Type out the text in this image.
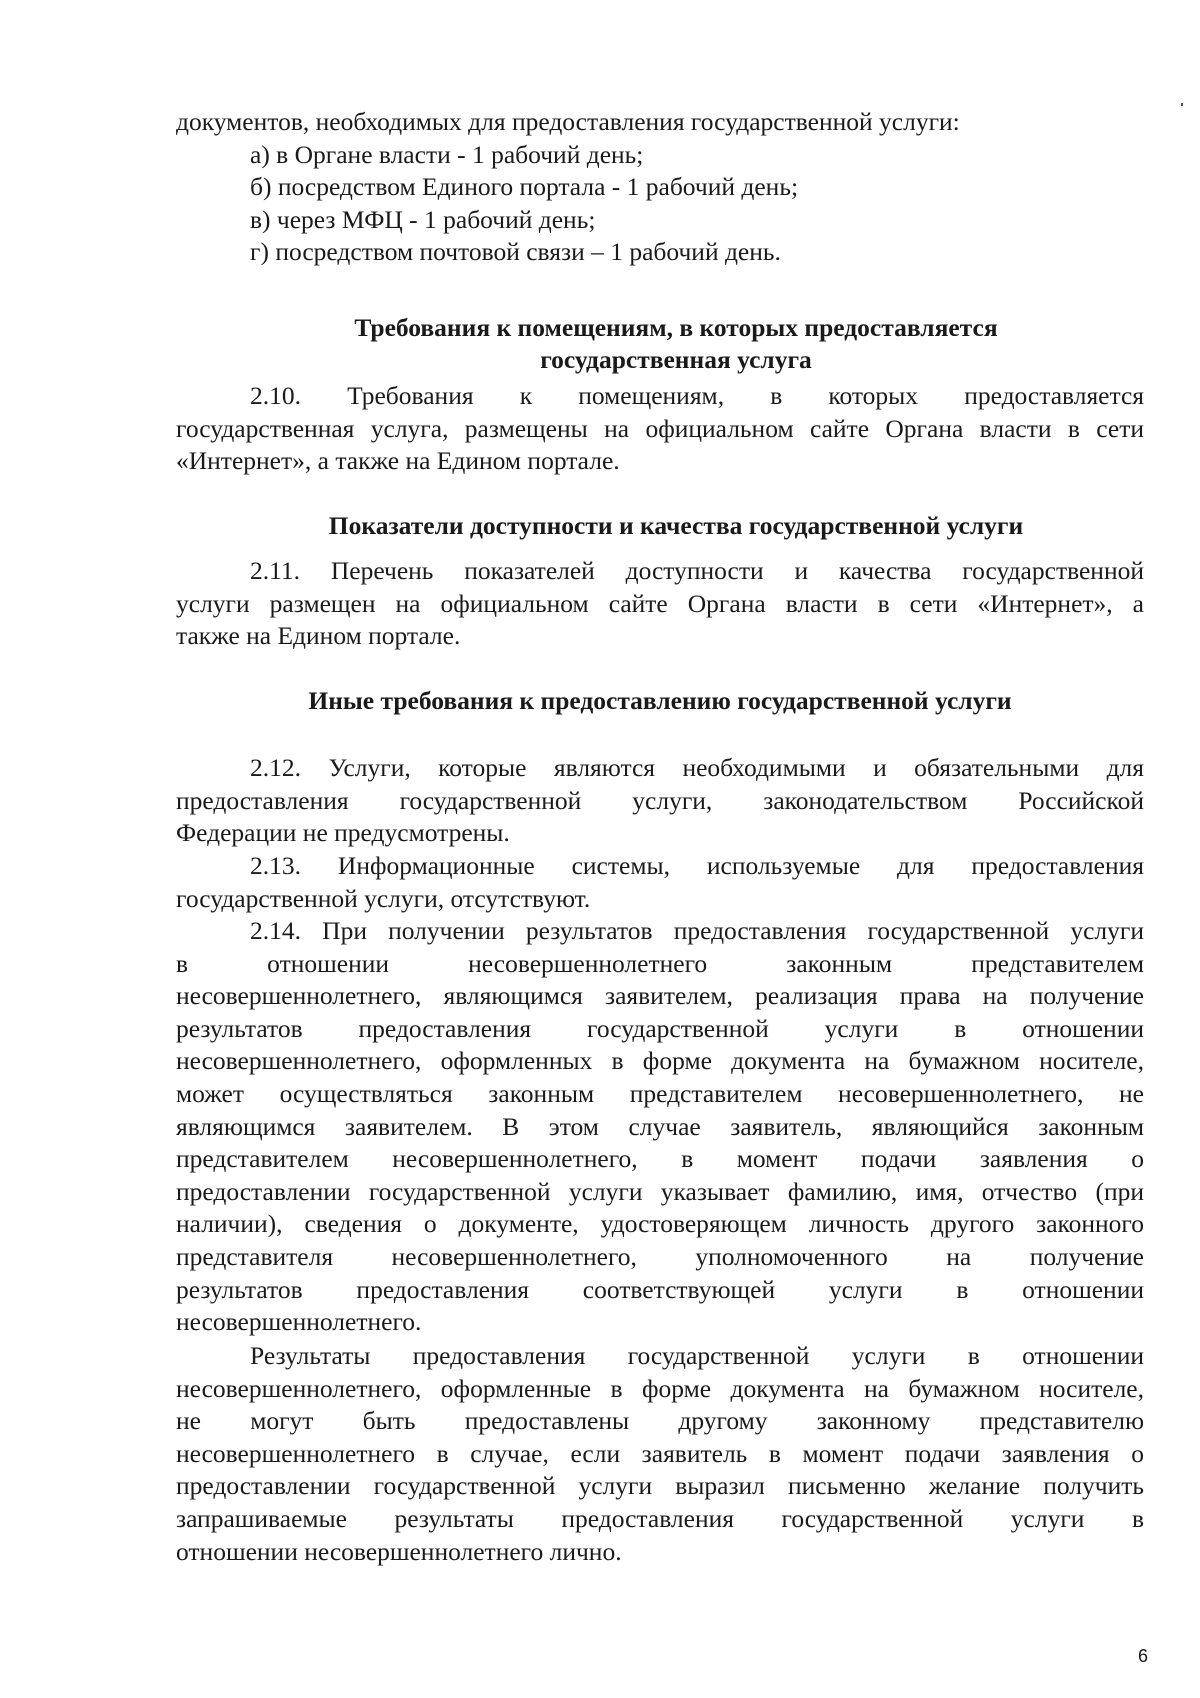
документов, необходимых для предоставления государственной услуги:
а) в Органе власти - 1 рабочий день;
б) посредством Единого портала - 1 рабочий день;
в) через МФЦ - 1 рабочий день;
г) посредством почтовой связи – 1 рабочий день.
Требования к помещениям, в которых предоставляется
государственная услуга
2.10. Требования к помещениям, в которых предоставляется
государственная услуга, размещены на официальном сайте Органа власти в сети
«Интернет», а также на Едином портале.
Показатели доступности и качества государственной услуги
2.11. Перечень показателей доступности и качества государственной
услуги размещен на официальном сайте Органа власти в сети «Интернет», а
также на Едином портале.
Иные требования к предоставлению государственной услуги
2.12. Услуги, которые являются необходимыми и обязательными для
предоставления государственной услуги, законодательством Российской
Федерации не предусмотрены.
2.13. Информационные системы, используемые для предоставления
государственной услуги, отсутствуют.
2.14. При получении результатов предоставления государственной услуги
в отношении несовершеннолетнего законным представителем
несовершеннолетнего, являющимся заявителем, реализация права на получение
результатов предоставления государственной услуги в отношении
несовершеннолетнего, оформленных в форме документа на бумажном носителе,
может осуществляться законным представителем несовершеннолетнего, не
являющимся заявителем. В этом случае заявитель, являющийся законным
представителем несовершеннолетнего, в момент подачи заявления о
предоставлении государственной услуги указывает фамилию, имя, отчество (при
наличии), сведения о документе, удостоверяющем личность другого законного
представителя несовершеннолетнего, уполномоченного на получение
результатов предоставления соответствующей услуги в отношении
несовершеннолетнего.
Результаты предоставления государственной услуги в отношении
несовершеннолетнего, оформленные в форме документа на бумажном носителе,
не могут быть предоставлены другому законному представителю
несовершеннолетнего в случае, если заявитель в момент подачи заявления о
предоставлении государственной услуги выразил письменно желание получить
запрашиваемые результаты предоставления государственной услуги в
отношении несовершеннолетнего лично.
6
